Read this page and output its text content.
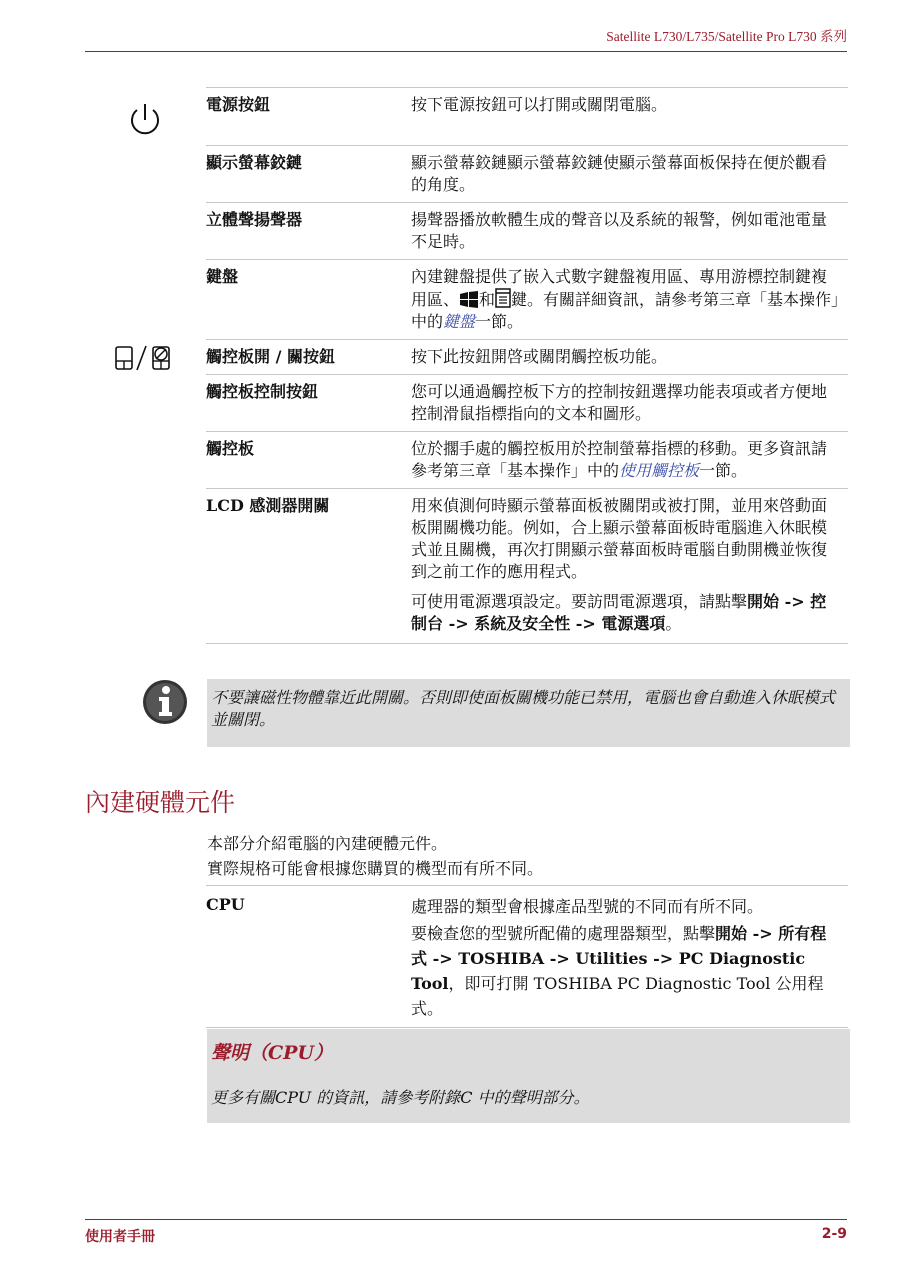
Satellite L730/L735/Satellite Pro L730 系列
電源按鈕	按下電源按鈕可以打開或關閉電腦。

顯示螢幕鉸鏈	顯示螢幕鉸鏈顯示螢幕鉸鏈使顯示螢幕面板保持在便於觀看的角度。

立體聲揚聲器	揚聲器播放軟體生成的聲音以及系統的報警，例如電池電量不足時。

鍵盤	內建鍵盤提供了嵌入式數字鍵盤複用區、專用游標控制鍵複用區、 和 鍵。有關詳細資訊，請參考第三章「基本操作」中的鍵盤一節。

觸控板開 / 關按鈕	按下此按鈕開啓或關閉觸控板功能。

觸控板控制按鈕	您可以通過觸控板下方的控制按鈕選擇功能表項或者方便地控制滑鼠指標指向的文本和圖形。

觸控板	位於擱手處的觸控板用於控制螢幕指標的移動。更多資訊請參考第三章「基本操作」中的使用觸控板一節。

LCD 感測器開關	用來偵測何時顯示螢幕面板被關閉或被打開，並用來啓動面板開關機功能。例如，合上顯示螢幕面板時電腦進入休眠模式並且關機，再次打開顯示螢幕面板時電腦自動開機並恢復到之前工作的應用程式。

可使用電源選項設定。要訪問電源選項，請點擊開始 -> 控制台 -> 系統及安全性 -> 電源選項。

不要讓磁性物體靠近此開關。否則即使面板關機功能已禁用，電腦也會自動進入休眠模式並關閉。
內建硬體元件
本部分介紹電腦的內建硬體元件。
實際規格可能會根據您購買的機型而有所不同。
CPU	處理器的類型會根據產品型號的不同而有所不同。

要檢查您的型號所配備的處理器類型，點擊開始 -> 所有程式 -> TOSHIBA -> Utilities -> PC Diagnostic Tool，即可打開 TOSHIBA PC Diagnostic Tool 公用程式。

聲明（CPU）
更多有關CPU 的資訊，請參考附錄C 中的聲明部分。
使用者手冊	2-9
